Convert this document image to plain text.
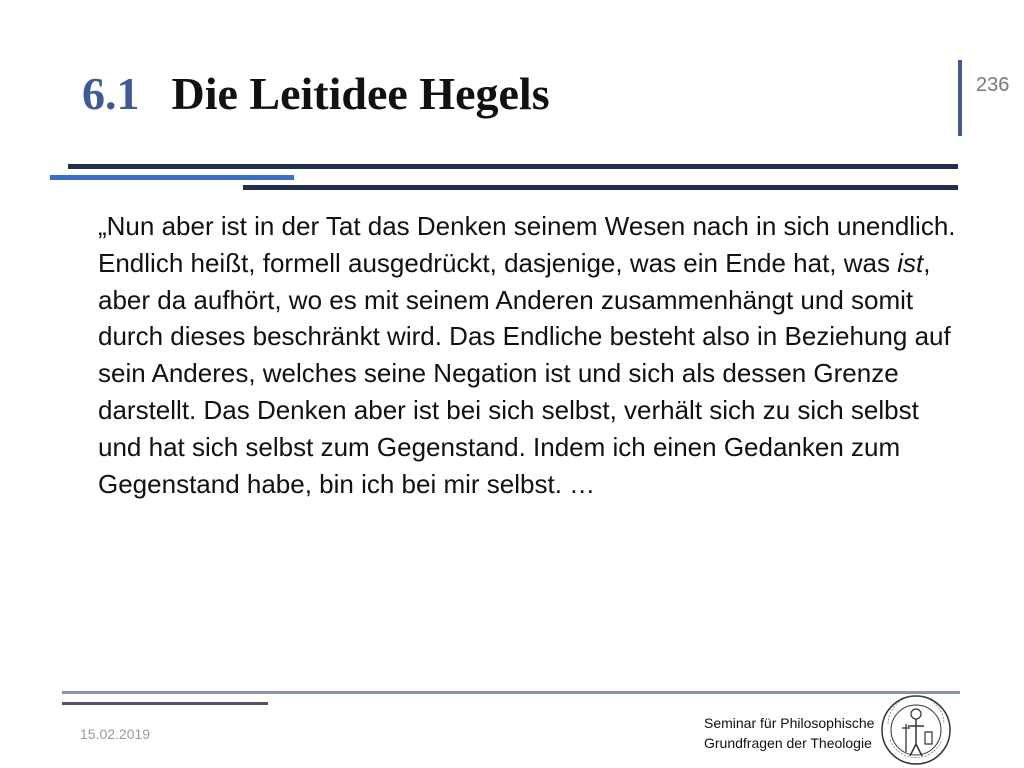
6.1 Die Leitidee Hegels	236

„Nun aber ist in der Tat das Denken seinem Wesen nach in sich unendlich. Endlich heißt, formell ausgedrückt, dasjenige, was ein Ende hat, was ist, aber da aufhört, wo es mit seinem Anderen zusammenhängt und somit durch dieses beschränkt wird. Das Endliche besteht also in Beziehung auf sein Anderes, welches seine Negation ist und sich als dessen Grenze darstellt. Das Denken aber ist bei sich selbst, verhält sich zu sich selbst und hat sich selbst zum Gegenstand. Indem ich einen Gedanken zum Gegenstand habe, bin ich bei mir selbst. …

15.02.2019
Seminar für Philosophische
Grundfragen der Theologie
